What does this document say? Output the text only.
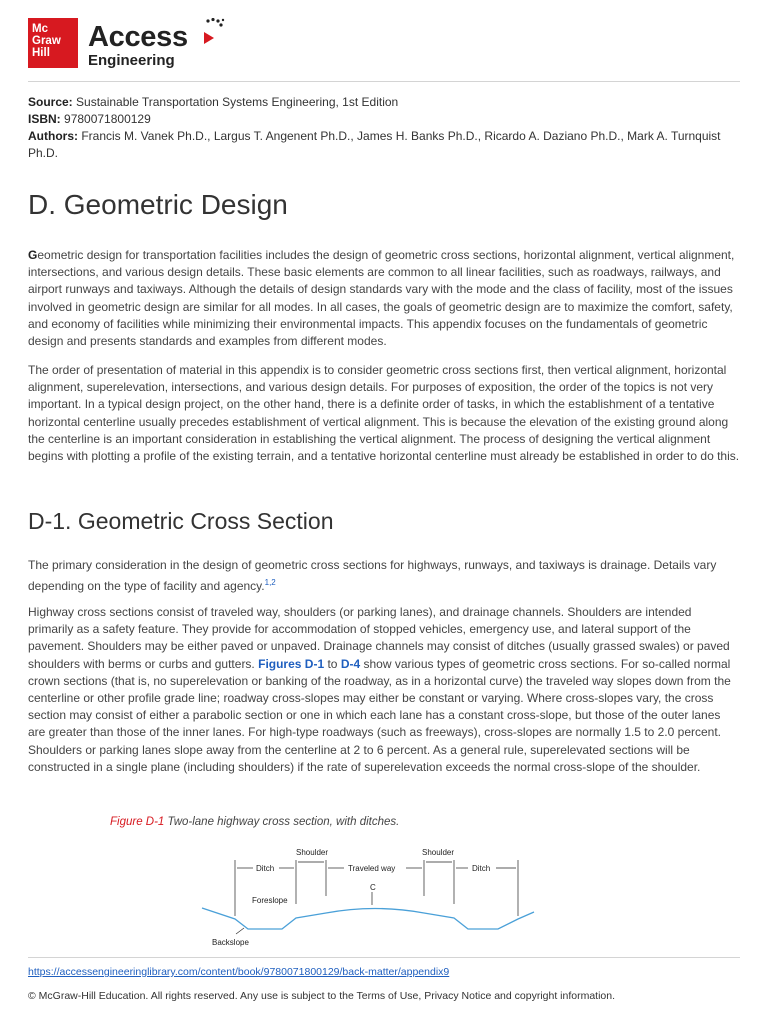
Mc
Graw
Hill	Access
Engineering
Source: Sustainable Transportation Systems Engineering, 1st Edition
ISBN: 9780071800129
Authors: Francis M. Vanek Ph.D., Largus T. Angenent Ph.D., James H. Banks Ph.D., Ricardo A. Daziano Ph.D., Mark A. Turnquist Ph.D.
D. Geometric Design

Geometric design for transportation facilities includes the design of geometric cross sections, horizontal alignment, vertical alignment, intersections, and various design details. These basic elements are common to all linear facilities, such as roadways, railways, and airport runways and taxiways. Although the details of design standards vary with the mode and the class of facility, most of the issues involved in geometric design are similar for all modes. In all cases, the goals of geometric design are to maximize the comfort, safety, and economy of facilities while minimizing their environmental impacts. This appendix focuses on the fundamentals of geometric design and presents standards and examples from different modes.

The order of presentation of material in this appendix is to consider geometric cross sections first, then vertical alignment, horizontal alignment, superelevation, intersections, and various design details. For purposes of exposition, the order of the topics is not very important. In a typical design project, on the other hand, there is a definite order of tasks, in which the establishment of a tentative horizontal centerline usually precedes establishment of vertical alignment. This is because the elevation of the existing ground along the centerline is an important consideration in establishing the vertical alignment. The process of designing the vertical alignment begins with plotting a profile of the existing terrain, and a tentative horizontal centerline must already be established in order to do this.

D-1. Geometric Cross Section

The primary consideration in the design of geometric cross sections for highways, runways, and taxiways is drainage. Details vary depending on the type of facility and agency.$^{1,2}$

Highway cross sections consist of traveled way, shoulders (or parking lanes), and drainage channels. Shoulders are intended primarily as a safety feature. They provide for accommodation of stopped vehicles, emergency use, and lateral support of the pavement. Shoulders may be either paved or unpaved. Drainage channels may consist of ditches (usually grassed swales) or paved shoulders with berms or curbs and gutters. Figures D-1 to D-4 show various types of geometric cross sections. For so-called normal crown sections (that is, no superelevation or banking of the roadway, as in a horizontal curve) the traveled way slopes down from the centerline or other profile grade line; roadway cross-slopes may either be constant or varying. Where cross-slopes vary, the cross section may consist of either a parabolic section or one in which each lane has a constant cross-slope, but those of the outer lanes are greater than those of the inner lanes. For high-type roadways (such as freeways), cross-slopes are normally 1.5 to 2.0 percent. Shoulders or parking lanes slope away from the centerline at 2 to 6 percent. As a general rule, superelevated sections will be constructed in a single plane (including shoulders) if the rate of superelevation exceeds the normal cross-slope of the shoulder.

Figure D-1 Two-lane highway cross section, with ditches.
Ditch
Shoulder
Traveled way
Shoulder
Ditch
C
Foreslope
Backslope
https://accessengineeringlibrary.com/content/book/9780071800129/back-matter/appendix9
© McGraw-Hill Education. All rights reserved. Any use is subject to the Terms of Use, Privacy Notice and copyright information.
